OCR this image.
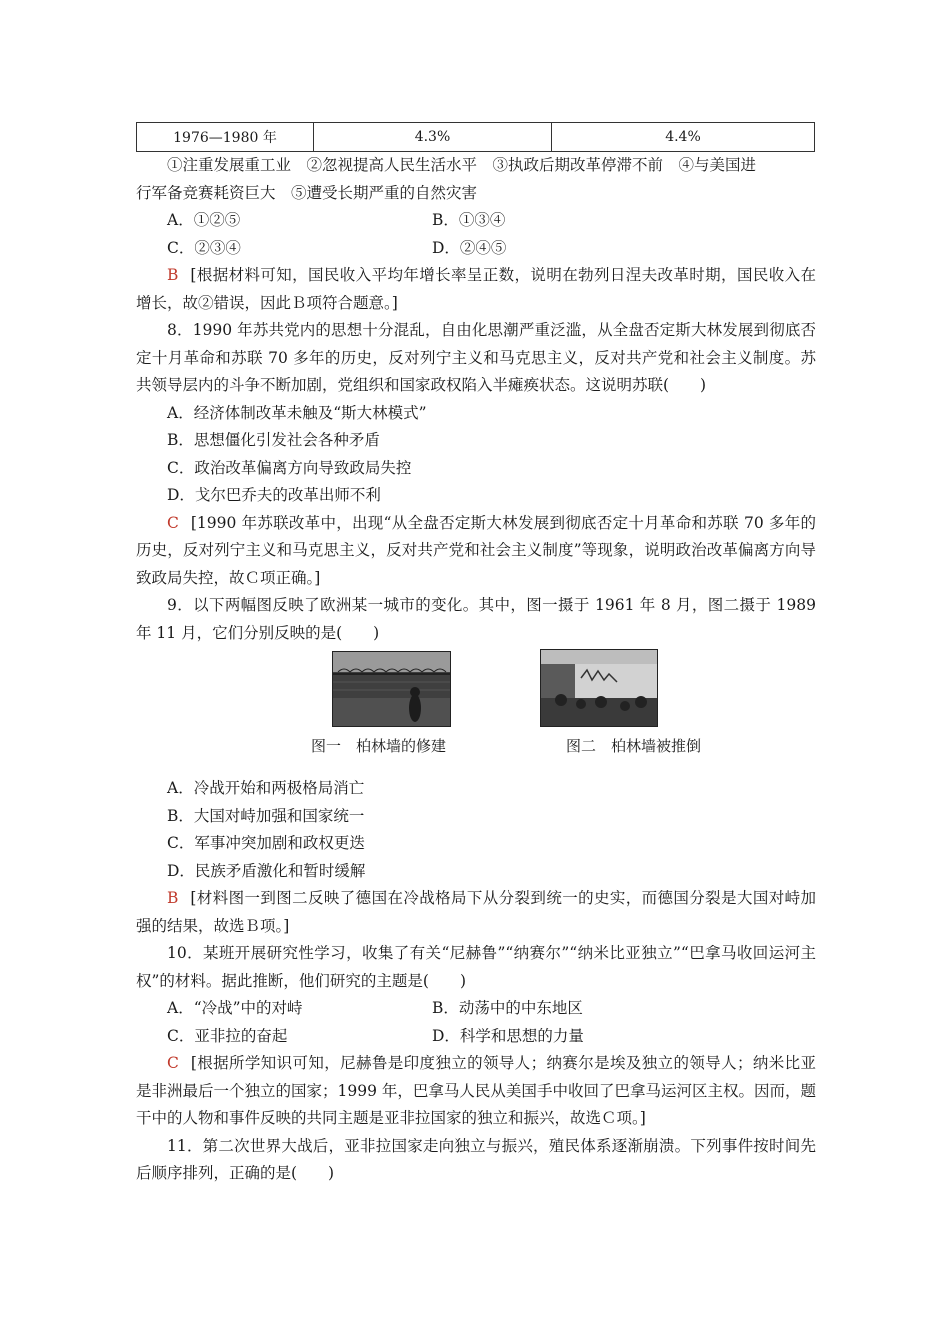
1976—1980 年	4.3%	4.4%
①注重发展重工业　②忽视提高人民生活水平　③执政后期改革停滞不前　④与美国进
行军备竞赛耗资巨大　⑤遭受长期严重的自然灾害
A．①②⑤	B．①③④
C．②③④	D．②④⑤
B [根据材料可知，国民收入平均年增长率呈正数，说明在勃列日涅夫改革时期，国民收入在增长，故②错误，因此Ｂ项符合题意。]
8．1990 年苏共党内的思想十分混乱，自由化思潮严重泛滥，从全盘否定斯大林发展到彻底否定十月革命和苏联 70 多年的历史，反对列宁主义和马克思主义，反对共产党和社会主义制度。苏共领导层内的斗争不断加剧，党组织和国家政权陷入半瘫痪状态。这说明苏联(　　)
A．经济体制改革未触及“斯大林模式”
B．思想僵化引发社会各种矛盾
C．政治改革偏离方向导致政局失控
D．戈尔巴乔夫的改革出师不利
C [1990 年苏联改革中，出现“从全盘否定斯大林发展到彻底否定十月革命和苏联 70 多年的历史，反对列宁主义和马克思主义，反对共产党和社会主义制度”等现象，说明政治改革偏离方向导致政局失控，故Ｃ项正确。]
9．以下两幅图反映了欧洲某一城市的变化。其中，图一摄于 1961 年 8 月，图二摄于 1989 年 11 月，它们分别反映的是(　　)
图一　柏林墙的修建	图二　柏林墙被推倒
A．冷战开始和两极格局消亡
B．大国对峙加强和国家统一
C．军事冲突加剧和政权更迭
D．民族矛盾激化和暂时缓解
B [材料图一到图二反映了德国在冷战格局下从分裂到统一的史实，而德国分裂是大国对峙加强的结果，故选Ｂ项。]
10．某班开展研究性学习，收集了有关“尼赫鲁”“纳赛尔”“纳米比亚独立”“巴拿马收回运河主权”的材料。据此推断，他们研究的主题是(　　)
A．“冷战”中的对峙	B．动荡中的中东地区
C．亚非拉的奋起	D．科学和思想的力量
C [根据所学知识可知，尼赫鲁是印度独立的领导人；纳赛尔是埃及独立的领导人；纳米比亚是非洲最后一个独立的国家；1999 年，巴拿马人民从美国手中收回了巴拿马运河区主权。因而，题干中的人物和事件反映的共同主题是亚非拉国家的独立和振兴，故选Ｃ项。]
11．第二次世界大战后，亚非拉国家走向独立与振兴，殖民体系逐渐崩溃。下列事件按时间先后顺序排列，正确的是(　　)
